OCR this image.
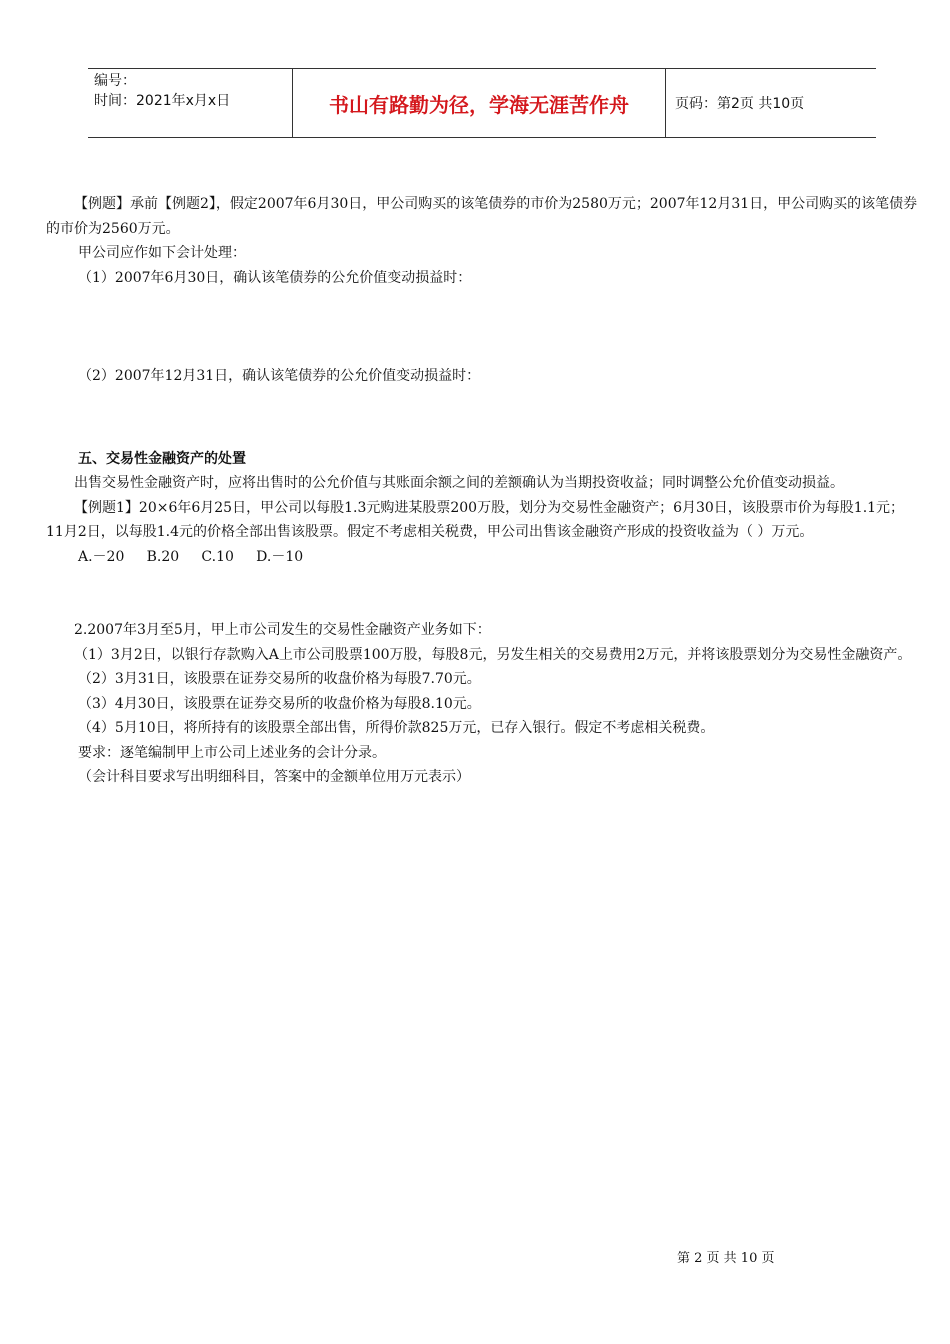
编号：
时间：2021年x月x日	书山有路勤为径，学海无涯苦作舟	页码：第2页 共10页

【例题】承前【例题2】，假定2007年6月30日，甲公司购买的该笔债券的市价为2580万元；2007年12月31日，甲公司购买的该笔债券的市价为2560万元。

甲公司应作如下会计处理：

（1）2007年6月30日，确认该笔债券的公允价值变动损益时：

（2）2007年12月31日，确认该笔债券的公允价值变动损益时：

五、交易性金融资产的处置

出售交易性金融资产时，应将出售时的公允价值与其账面余额之间的差额确认为当期投资收益；同时调整公允价值变动损益。

【例题1】20×6年6月25日，甲公司以每股1.3元购进某股票200万股，划分为交易性金融资产；6月30日，该股票市价为每股1.1元；11月2日，以每股1.4元的价格全部出售该股票。假定不考虑相关税费，甲公司出售该金融资产形成的投资收益为（ ）万元。

A.－20     B.20     C.10     D.－10

2.2007年3月至5月，甲上市公司发生的交易性金融资产业务如下：

（1）3月2日，以银行存款购入A上市公司股票100万股，每股8元，另发生相关的交易费用2万元，并将该股票划分为交易性金融资产。

（2）3月31日，该股票在证券交易所的收盘价格为每股7.70元。

（3）4月30日，该股票在证券交易所的收盘价格为每股8.10元。

（4）5月10日，将所持有的该股票全部出售，所得价款825万元，已存入银行。假定不考虑相关税费。

要求：逐笔编制甲上市公司上述业务的会计分录。

（会计科目要求写出明细科目，答案中的金额单位用万元表示）

第 2 页 共 10 页
